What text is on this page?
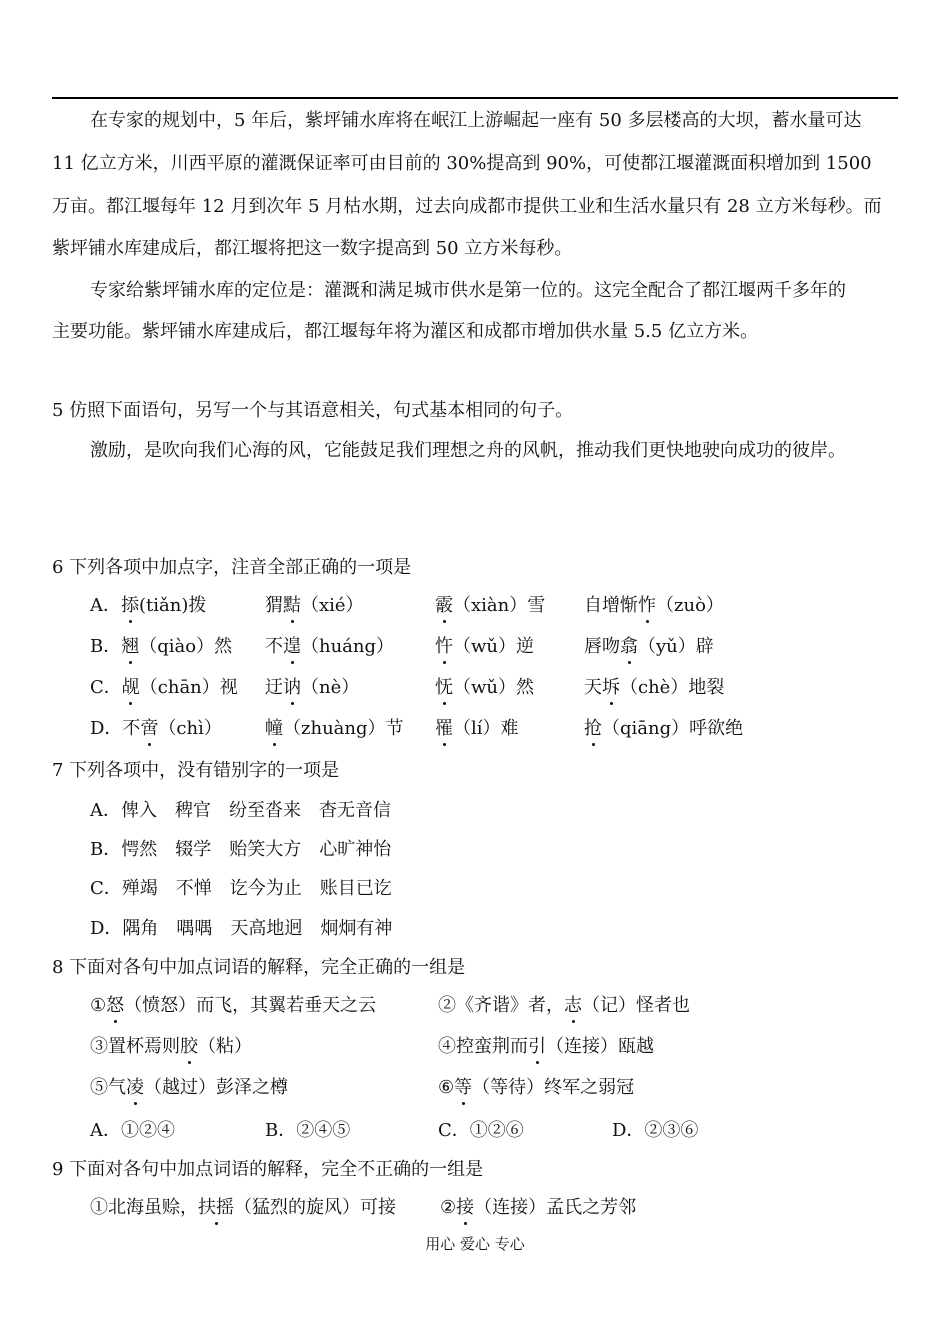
在专家的规划中，5 年后，紫坪铺水库将在岷江上游崛起一座有 50 多层楼高的大坝，蓄水量可达
11 亿立方米，川西平原的灌溉保证率可由目前的 30%提高到 90%，可使都江堰灌溉面积增加到 1500
万亩。都江堰每年 12 月到次年 5 月枯水期，过去向成都市提供工业和生活水量只有 28 立方米每秒。而
紫坪铺水库建成后，都江堰将把这一数字提高到 50 立方米每秒。
专家给紫坪铺水库的定位是：灌溉和满足城市供水是第一位的。这完全配合了都江堰两千多年的
主要功能。紫坪铺水库建成后，都江堰每年将为灌区和成都市增加供水量 5.5 亿立方米。
5 仿照下面语句，另写一个与其语意相关，句式基本相同的句子。
激励，是吹向我们心海的风，它能鼓足我们理想之舟的风帆，推动我们更快地驶向成功的彼岸。
6 下列各项中加点字，注音全部正确的一项是
A．掭(tiǎn)拨	猬黠（xié）	霰（xiàn）雪 自增惭怍（zuò）
B．翘（qiào）然 不遑（huáng） 忤（wǔ）逆	唇吻翕（yǔ）辟
C．觇（chān）视 迂讷（nè）	怃（wǔ）然	天坼（chè）地裂
D．不啻（chì） 幢（zhuàng）节 罹（lí）难	抢（qiāng）呼欲绝
7 下列各项中，没有错别字的一项是
A．俾入　稗官　纷至沓来　杳无音信
B．愕然　辍学　贻笑大方　心旷神怡
C．殚竭　不惮　讫今为止　账目已讫
D．隅角　喁喁　天高地迥　炯炯有神
8 下面对各句中加点词语的解释，完全正确的一组是
①怒（愤怒）而飞，其翼若垂天之云	②《齐谐》者，志（记）怪者也
③置杯焉则胶（粘）	④控蛮荆而引（连接）瓯越
⑤气凌（越过）彭泽之樽	⑥等（等待）终军之弱冠
A．①②④	B．②④⑤	C．①②⑥	D．②③⑥
9 下面对各句中加点词语的解释，完全不正确的一组是
①北海虽赊，扶摇（猛烈的旋风）可接 ②接（连接）孟氏之芳邻
用心 爱心 专心
